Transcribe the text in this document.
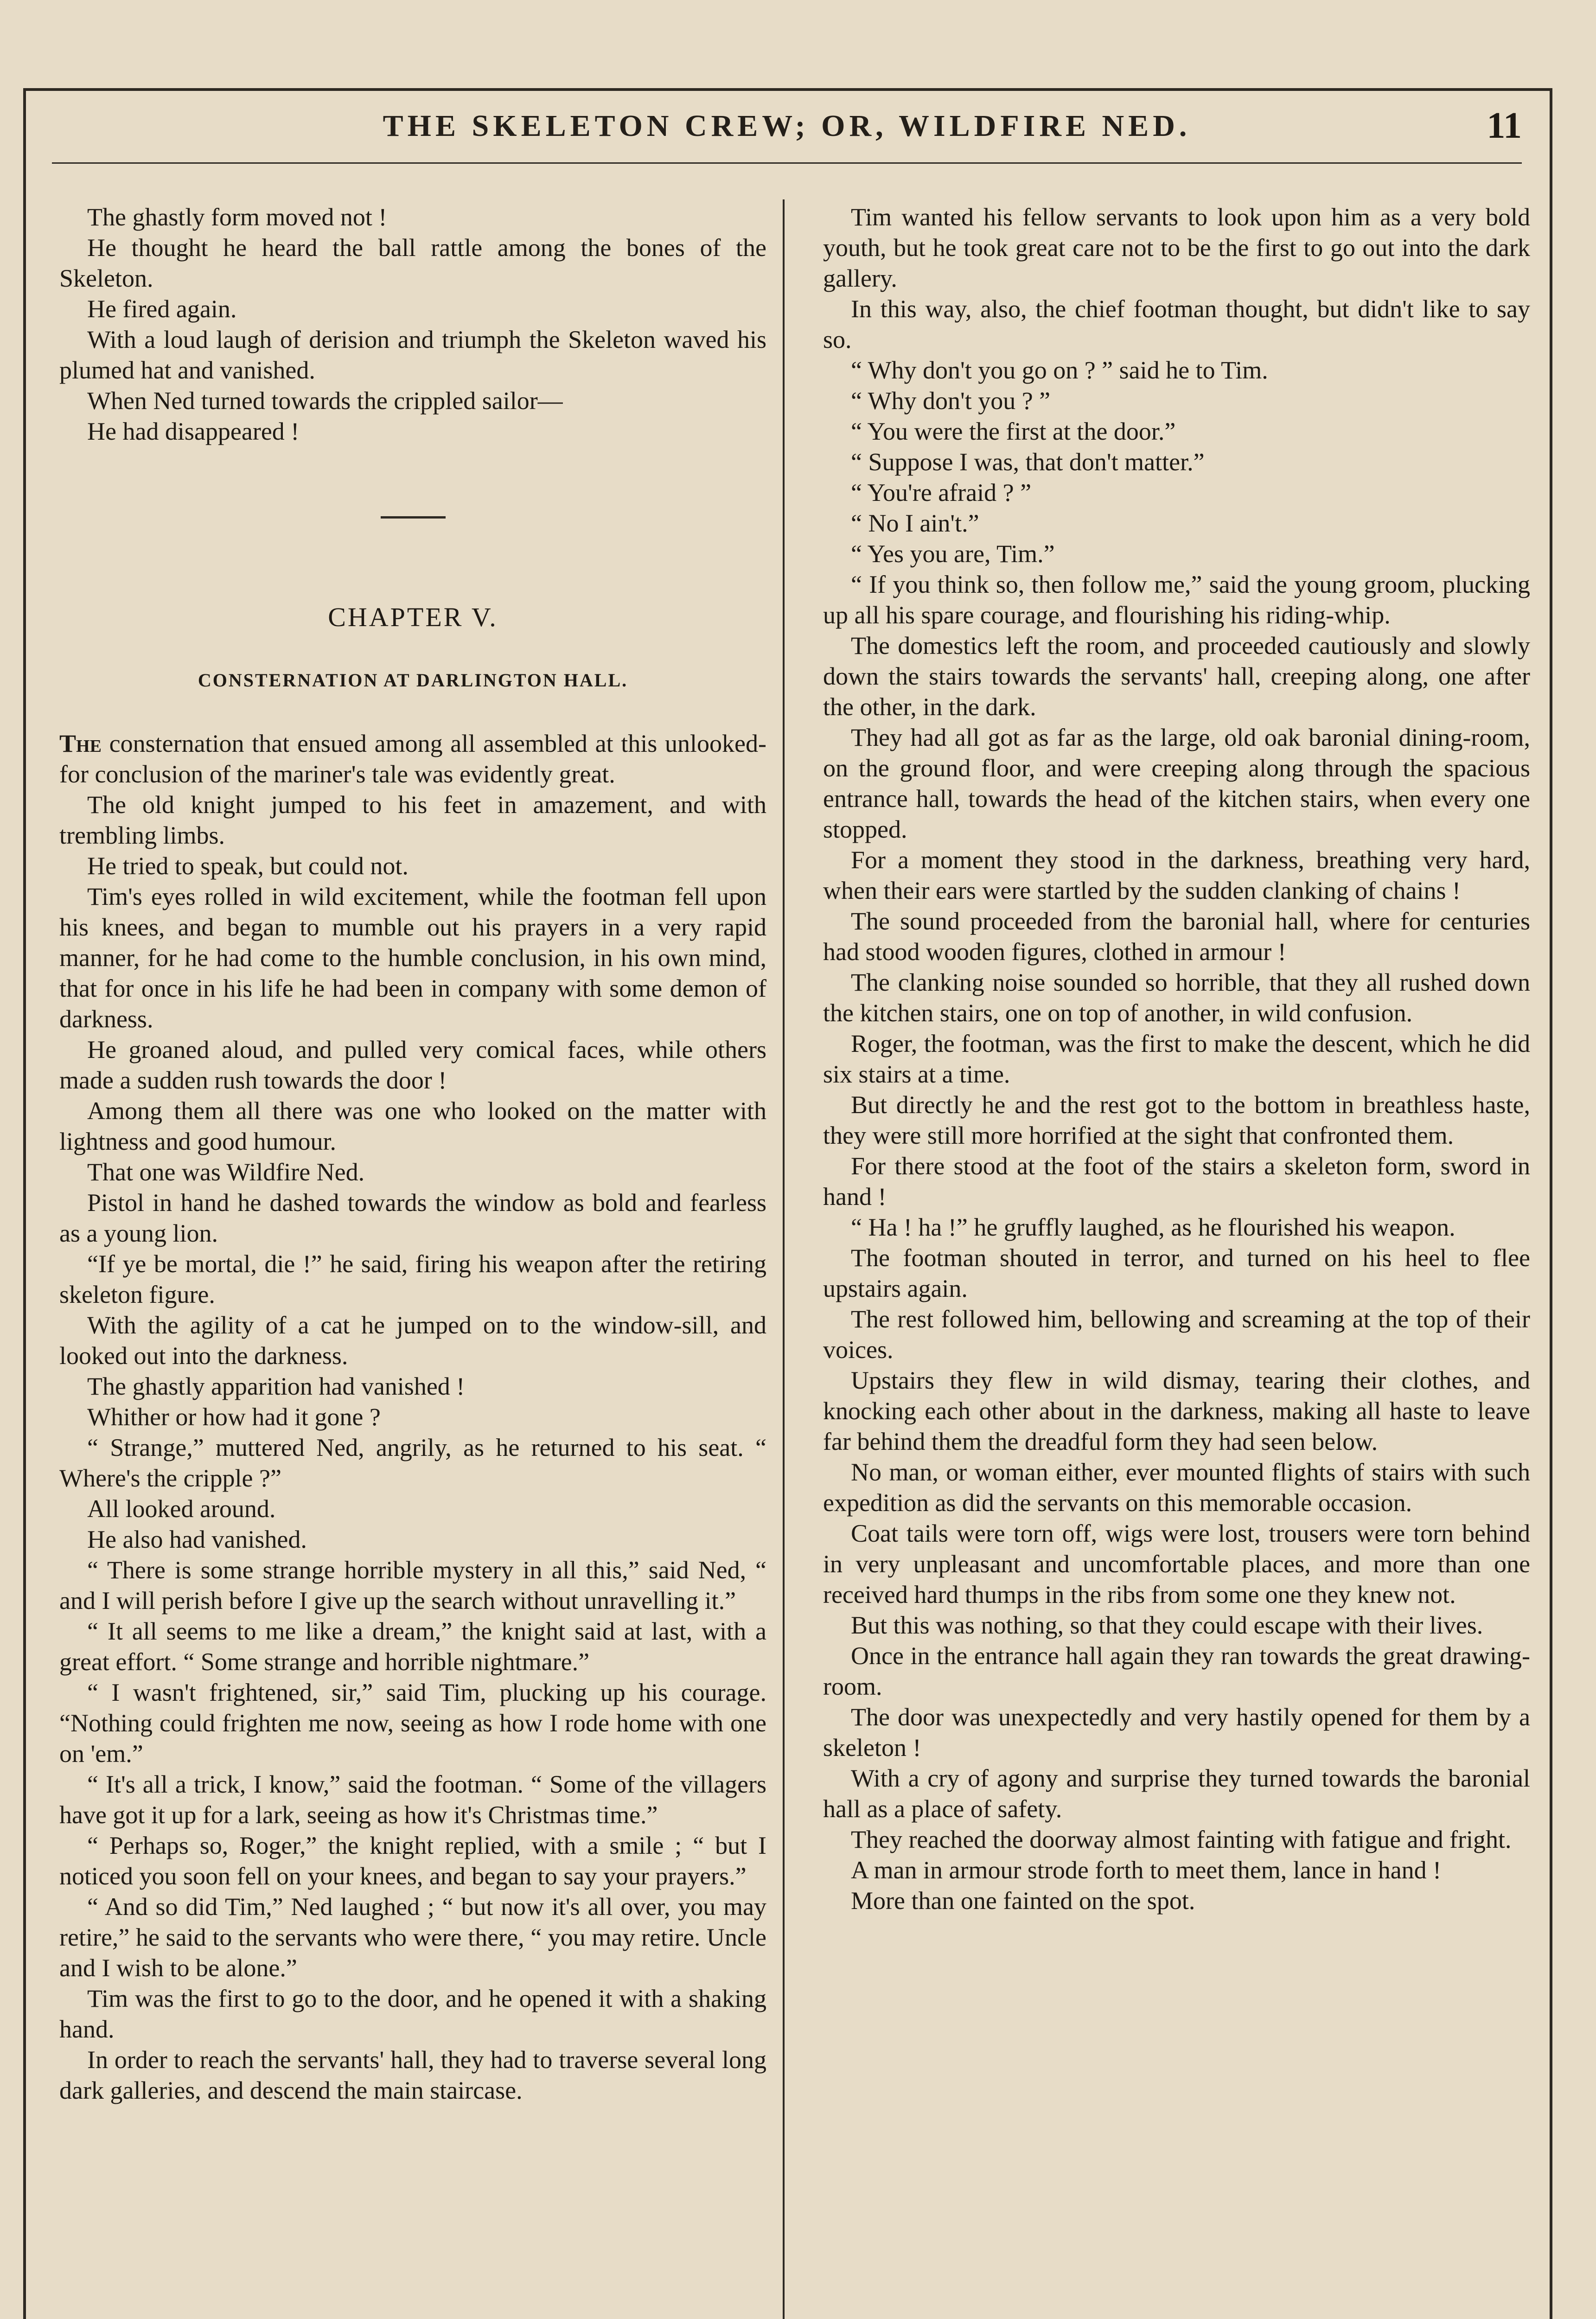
THE SKELETON CREW; OR, WILDFIRE NED.	11

The ghastly form moved not !

He thought he heard the ball rattle among the bones of the Skeleton.

He fired again.

With a loud laugh of derision and triumph the Skeleton waved his plumed hat and vanished.

When Ned turned towards the crippled sailor—

He had disappeared !

CHAPTER V.
CONSTERNATION AT DARLINGTON HALL.

The consternation that ensued among all assembled at this unlooked-for conclusion of the mariner's tale was evidently great.

The old knight jumped to his feet in amazement, and with trembling limbs.

He tried to speak, but could not.

Tim's eyes rolled in wild excitement, while the footman fell upon his knees, and began to mumble out his prayers in a very rapid manner, for he had come to the humble conclusion, in his own mind, that for once in his life he had been in company with some demon of darkness.

He groaned aloud, and pulled very comical faces, while others made a sudden rush towards the door !

Among them all there was one who looked on the matter with lightness and good humour.

That one was Wildfire Ned.

Pistol in hand he dashed towards the window as bold and fearless as a young lion.

“If ye be mortal, die !” he said, firing his weapon after the retiring skeleton figure.

With the agility of a cat he jumped on to the window-sill, and looked out into the darkness.

The ghastly apparition had vanished !

Whither or how had it gone ?

“ Strange,” muttered Ned, angrily, as he returned to his seat. “ Where's the cripple ?”

All looked around.

He also had vanished.

“ There is some strange horrible mystery in all this,” said Ned, “ and I will perish before I give up the search without unravelling it.”

“ It all seems to me like a dream,” the knight said at last, with a great effort. “ Some strange and horrible nightmare.”

“ I wasn't frightened, sir,” said Tim, plucking up his courage. “Nothing could frighten me now, seeing as how I rode home with one on 'em.”

“ It's all a trick, I know,” said the footman. “ Some of the villagers have got it up for a lark, seeing as how it's Christmas time.”

“ Perhaps so, Roger,” the knight replied, with a smile ; “ but I noticed you soon fell on your knees, and began to say your prayers.”

“ And so did Tim,” Ned laughed ; “ but now it's all over, you may retire,” he said to the servants who were there, “ you may retire. Uncle and I wish to be alone.”

Tim was the first to go to the door, and he opened it with a shaking hand.

In order to reach the servants' hall, they had to traverse several long dark galleries, and descend the main staircase.

Tim wanted his fellow servants to look upon him as a very bold youth, but he took great care not to be the first to go out into the dark gallery.

In this way, also, the chief footman thought, but didn't like to say so.

“ Why don't you go on ? ” said he to Tim.

“ Why don't you ? ”

“ You were the first at the door.”

“ Suppose I was, that don't matter.”

“ You're afraid ? ”

“ No I ain't.”

“ Yes you are, Tim.”

“ If you think so, then follow me,” said the young groom, plucking up all his spare courage, and flourishing his riding-whip.

The domestics left the room, and proceeded cautiously and slowly down the stairs towards the servants' hall, creeping along, one after the other, in the dark.

They had all got as far as the large, old oak baronial dining-room, on the ground floor, and were creeping along through the spacious entrance hall, towards the head of the kitchen stairs, when every one stopped.

For a moment they stood in the darkness, breathing very hard, when their ears were startled by the sudden clanking of chains !

The sound proceeded from the baronial hall, where for centuries had stood wooden figures, clothed in armour !

The clanking noise sounded so horrible, that they all rushed down the kitchen stairs, one on top of another, in wild confusion.

Roger, the footman, was the first to make the descent, which he did six stairs at a time.

But directly he and the rest got to the bottom in breathless haste, they were still more horrified at the sight that confronted them.

For there stood at the foot of the stairs a skeleton form, sword in hand !

“ Ha ! ha !” he gruffly laughed, as he flourished his weapon.

The footman shouted in terror, and turned on his heel to flee upstairs again.

The rest followed him, bellowing and screaming at the top of their voices.

Upstairs they flew in wild dismay, tearing their clothes, and knocking each other about in the darkness, making all haste to leave far behind them the dreadful form they had seen below.

No man, or woman either, ever mounted flights of stairs with such expedition as did the servants on this memorable occasion.

Coat tails were torn off, wigs were lost, trousers were torn behind in very unpleasant and uncomfortable places, and more than one received hard thumps in the ribs from some one they knew not.

But this was nothing, so that they could escape with their lives.

Once in the entrance hall again they ran towards the great drawing-room.

The door was unexpectedly and very hastily opened for them by a skeleton !

With a cry of agony and surprise they turned towards the baronial hall as a place of safety.

They reached the doorway almost fainting with fatigue and fright.

A man in armour strode forth to meet them, lance in hand !

More than one fainted on the spot.
